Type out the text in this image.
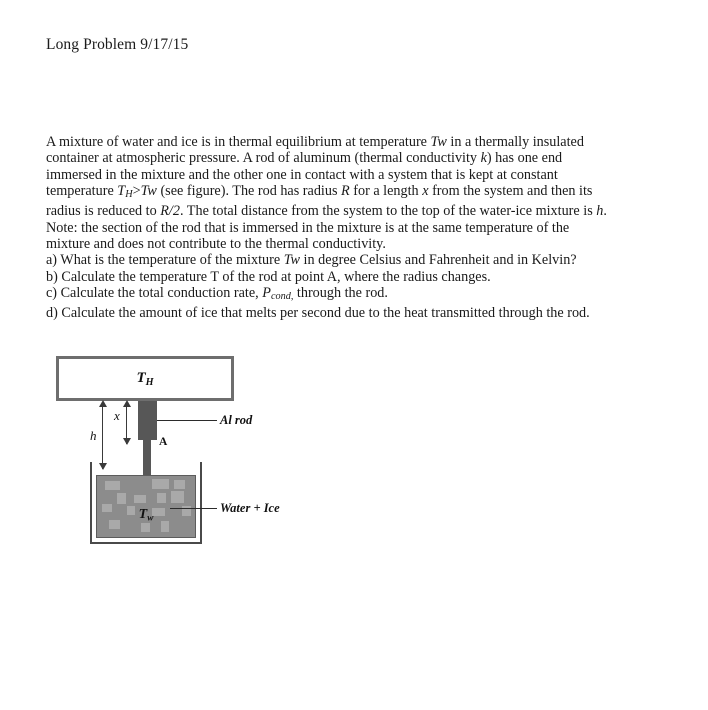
Long Problem 9/17/15

A mixture of water and ice is in thermal equilibrium at temperature Tw in a thermally insulated

container at atmospheric pressure. A rod of aluminum (thermal conductivity k) has one end

immersed in the mixture and the other one in contact with a system that is kept at constant

temperature $T_H>Tw$ (see figure). The rod has radius R for a length x from the system and then its

radius is reduced to R/2. The total distance from the system to the top of the water-ice mixture is h.

Note: the section of the rod that is immersed in the mixture is at the same temperature of the

mixture and does not contribute to the thermal conductivity.

a) What is the temperature of the mixture Tw in degree Celsius and Fahrenheit and in Kelvin?

b) Calculate the temperature T of the rod at point A, where the radius changes.

c) Calculate the total conduction rate, $P_{cond,}$ through the rod.

d) Calculate the amount of ice that melts per second due to the heat transmitted through the rod.

TH
A
h
x
Tw
Al rod
Water + Ice
